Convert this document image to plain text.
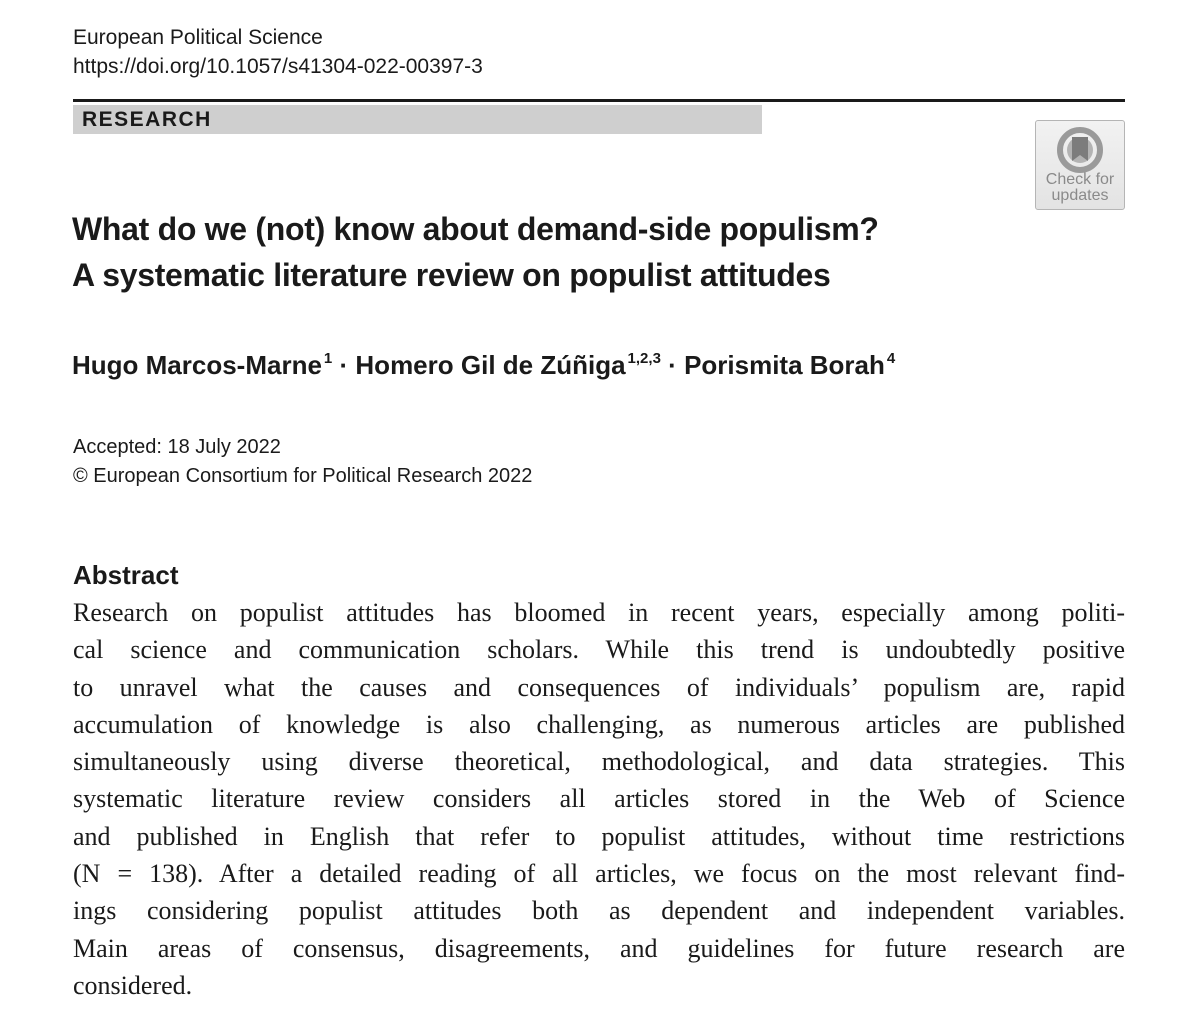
European Political Science
https://doi.org/10.1057/s41304-022-00397-3
RESEARCH
Check for
updates
What do we (not) know about demand-side populism?
A systematic literature review on populist attitudes
Hugo Marcos-Marne $^1$ · Homero Gil de Zúñiga $^{1,2,3}$ · Porismita Borah $^4$
Accepted: 18 July 2022
© European Consortium for Political Research 2022
Abstract
Research on populist attitudes has bloomed in recent years, especially among politi-
cal science and communication scholars. While this trend is undoubtedly positive
to unravel what the causes and consequences of individuals’ populism are, rapid
accumulation of knowledge is also challenging, as numerous articles are published
simultaneously using diverse theoretical, methodological, and data strategies. This
systematic literature review considers all articles stored in the Web of Science
and published in English that refer to populist attitudes, without time restrictions
(N = 138). After a detailed reading of all articles, we focus on the most relevant find-
ings considering populist attitudes both as dependent and independent variables.
Main areas of consensus, disagreements, and guidelines for future research are
considered.
